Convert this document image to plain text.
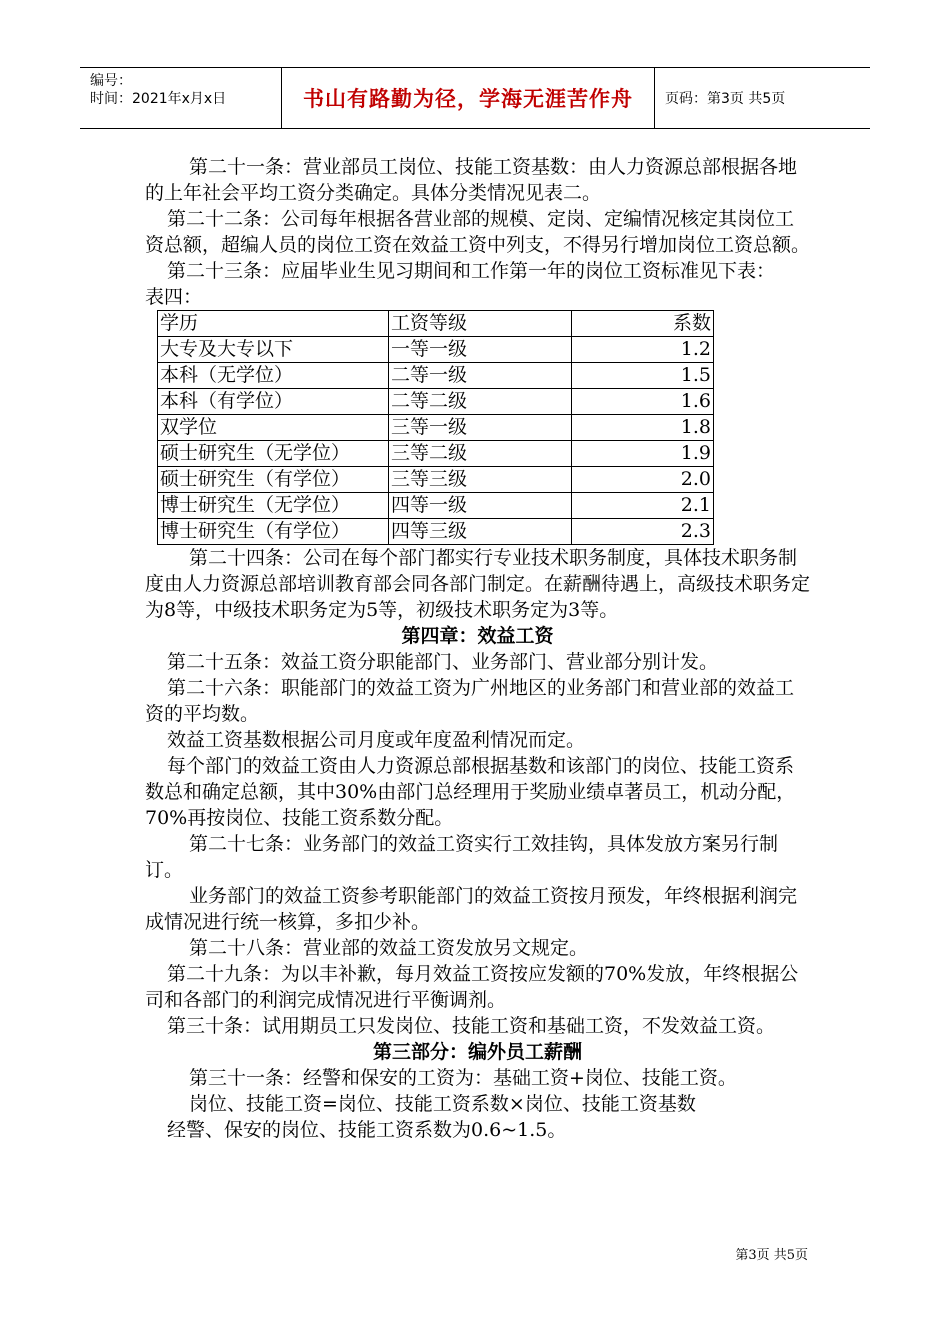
编号：
时间：2021年x月x日	书山有路勤为径，学海无涯苦作舟	页码：第3页 共5页

第二十一条：营业部员工岗位、技能工资基数：由人力资源总部根据各地的上年社会平均工资分类确定。具体分类情况见表二。

第二十二条：公司每年根据各营业部的规模、定岗、定编情况核定其岗位工资总额，超编人员的岗位工资在效益工资中列支，不得另行增加岗位工资总额。

第二十三条：应届毕业生见习期间和工作第一年的岗位工资标准见下表：

表四：

学历	工资等级	系数
大专及大专以下	一等一级	1.2
本科（无学位）	二等一级	1.5
本科（有学位）	二等二级	1.6
双学位	三等一级	1.8
硕士研究生（无学位）	三等二级	1.9
硕士研究生（有学位）	三等三级	2.0
博士研究生（无学位）	四等一级	2.1
博士研究生（有学位）	四等三级	2.3

第二十四条：公司在每个部门都实行专业技术职务制度，具体技术职务制度由人力资源总部培训教育部会同各部门制定。在薪酬待遇上，高级技术职务定为8等，中级技术职务定为5等，初级技术职务定为3等。

第四章：效益工资

第二十五条：效益工资分职能部门、业务部门、营业部分别计发。

第二十六条：职能部门的效益工资为广州地区的业务部门和营业部的效益工资的平均数。

效益工资基数根据公司月度或年度盈利情况而定。

每个部门的效益工资由人力资源总部根据基数和该部门的岗位、技能工资系数总和确定总额，其中30%由部门总经理用于奖励业绩卓著员工，机动分配，70%再按岗位、技能工资系数分配。

第二十七条：业务部门的效益工资实行工效挂钩，具体发放方案另行制订。

业务部门的效益工资参考职能部门的效益工资按月预发，年终根据利润完成情况进行统一核算，多扣少补。

第二十八条：营业部的效益工资发放另文规定。

第二十九条：为以丰补歉，每月效益工资按应发额的70%发放，年终根据公司和各部门的利润完成情况进行平衡调剂。

第三十条：试用期员工只发岗位、技能工资和基础工资，不发效益工资。

第三部分：编外员工薪酬

第三十一条：经警和保安的工资为：基础工资+岗位、技能工资。

岗位、技能工资=岗位、技能工资系数×岗位、技能工资基数

经警、保安的岗位、技能工资系数为0.6~1.5。

第3页 共5页
